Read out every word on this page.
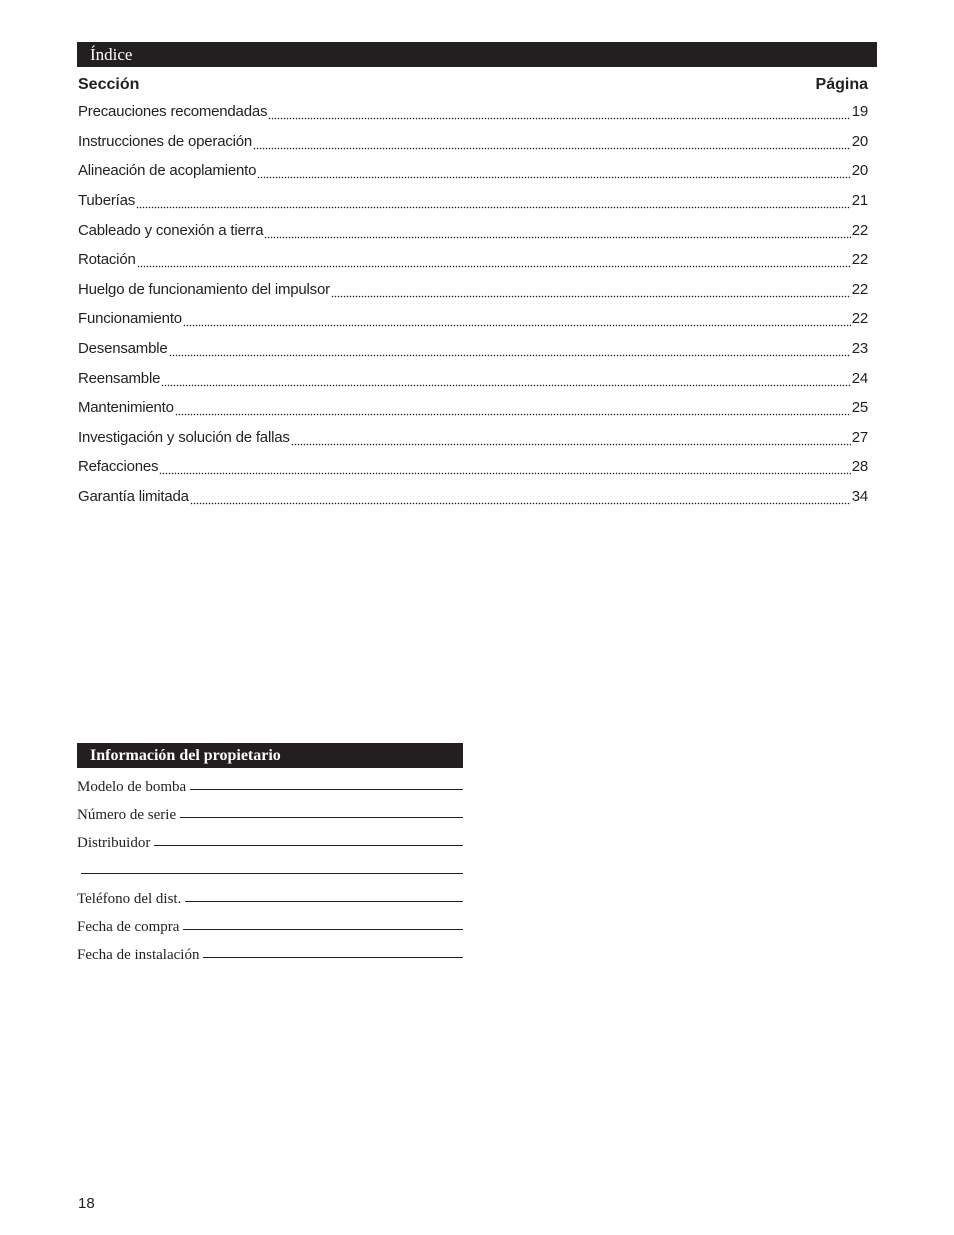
Índice
Sección	Página
Precauciones recomendadas	19
Instrucciones de operación	20
Alineación de acoplamiento	20
Tuberías	21
Cableado y conexión a tierra	22
Rotación	22
Huelgo de funcionamiento del impulsor	22
Funcionamiento	22
Desensamble	23
Reensamble	24
Mantenimiento	25
Investigación y solución de fallas	27
Refacciones	28
Garantía limitada	34
Información del propietario
Modelo de bomba
Número de serie
Distribuidor
Teléfono del dist.
Fecha de compra
Fecha de instalación
18
